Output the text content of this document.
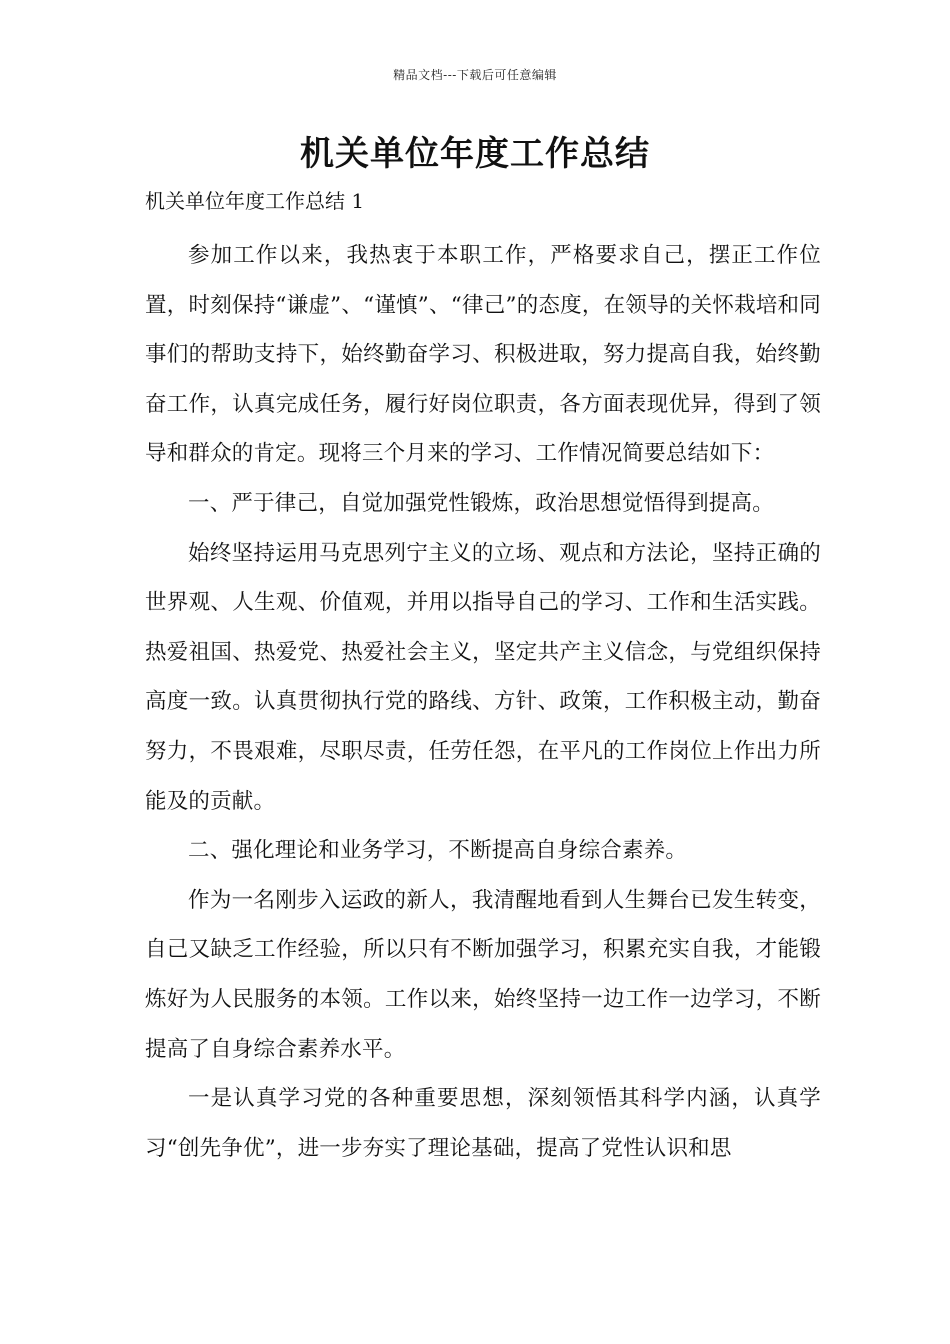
精品文档---下载后可任意编辑
机关单位年度工作总结

机关单位年度工作总结 1

参加工作以来，我热衷于本职工作，严格要求自己，摆正工作位置，时刻保持“谦虚”、“谨慎”、“律己”的态度，在领导的关怀栽培和同事们的帮助支持下，始终勤奋学习、积极进取，努力提高自我，始终勤奋工作，认真完成任务，履行好岗位职责，各方面表现优异，得到了领导和群众的肯定。现将三个月来的学习、工作情况简要总结如下：

一、严于律己，自觉加强党性锻炼，政治思想觉悟得到提高。

始终坚持运用马克思列宁主义的立场、观点和方法论，坚持正确的世界观、人生观、价值观，并用以指导自己的学习、工作和生活实践。热爱祖国、热爱党、热爱社会主义，坚定共产主义信念，与党组织保持高度一致。认真贯彻执行党的路线、方针、政策，工作积极主动，勤奋努力，不畏艰难，尽职尽责，任劳任怨，在平凡的工作岗位上作出力所能及的贡献。

二、强化理论和业务学习，不断提高自身综合素养。

作为一名刚步入运政的新人，我清醒地看到人生舞台已发生转变，自己又缺乏工作经验，所以只有不断加强学习，积累充实自我，才能锻炼好为人民服务的本领。工作以来，始终坚持一边工作一边学习，不断提高了自身综合素养水平。

一是认真学习党的各种重要思想，深刻领悟其科学内涵，认真学习“创先争优”，进一步夯实了理论基础，提高了党性认识和思
